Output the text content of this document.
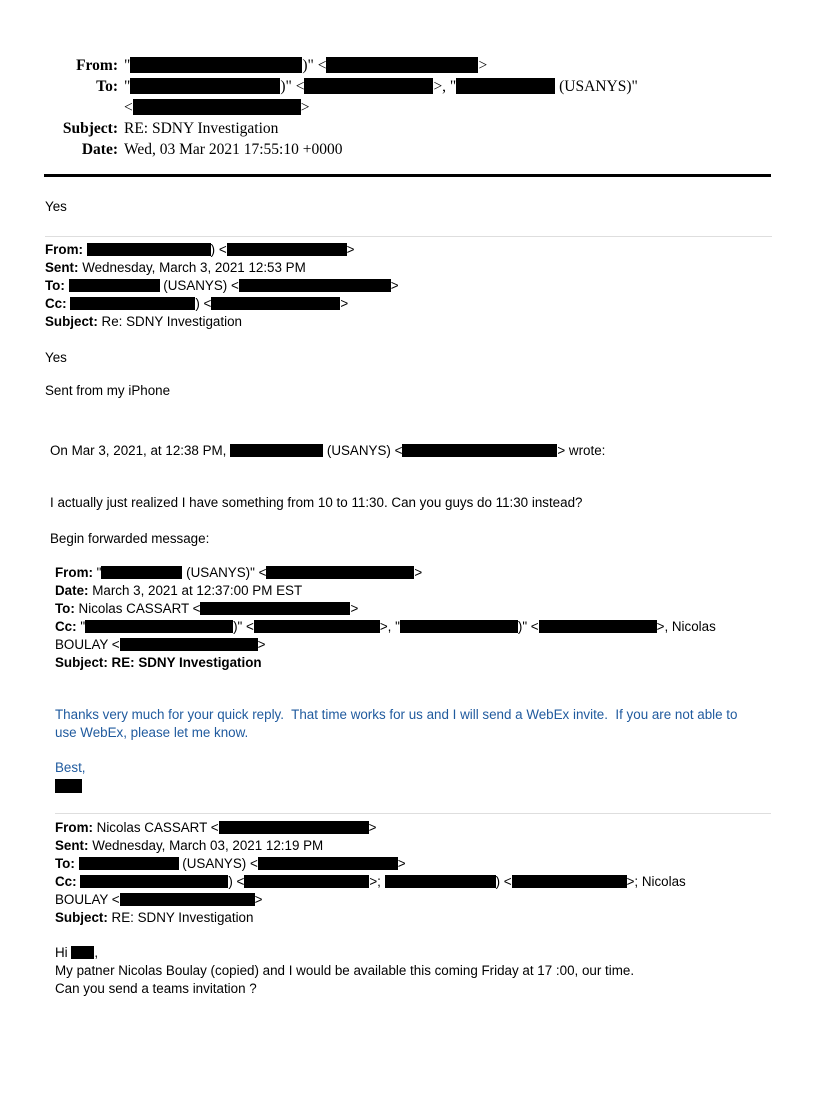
From: "	)" <	>
To: "	)" <	>, "	(USANYS)"
<	>
Subject: RE: SDNY Investigation
Date: Wed, 03 Mar 2021 17:55:10 +0000
Yes
From:	) <	>
Sent: Wednesday, March 3, 2021 12:53 PM
To:	(USANYS) <	>
Cc:	) <	>
Subject: Re: SDNY Investigation
Yes
Sent from my iPhone
On Mar 3, 2021, at 12:38 PM,	(USANYS) <	> wrote:
I actually just realized I have something from 10 to 11:30. Can you guys do 11:30 instead?
Begin forwarded message:
From: "	(USANYS)" <	>
Date: March 3, 2021 at 12:37:00 PM EST
To: Nicolas CASSART <	>
Cc: "	)" <	>, "	)" <	>, Nicolas
BOULAY <	>
Subject: RE: SDNY Investigation
Thanks very much for your quick reply.  That time works for us and I will send a WebEx invite.  If you are not able to
use WebEx, please let me know.
Best,
From: Nicolas CASSART <	>
Sent: Wednesday, March 03, 2021 12:19 PM
To:	(USANYS) <	>
Cc:	) <	>;	) <	>; Nicolas
BOULAY <	>
Subject: RE: SDNY Investigation
Hi ,
My patner Nicolas Boulay (copied) and I would be available this coming Friday at 17 :00, our time.
Can you send a teams invitation ?
